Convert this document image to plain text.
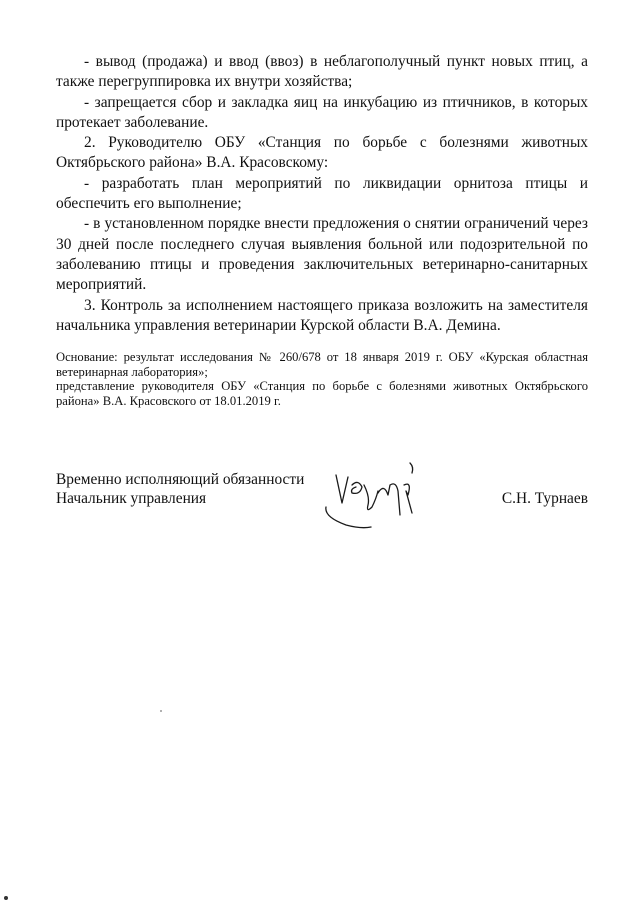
- вывод (продажа) и ввод (ввоз) в неблагополучный пункт новых птиц, а также перегруппировка их внутри хозяйства;

- запрещается сбор и закладка яиц на инкубацию из птичников, в которых протекает заболевание.

2. Руководителю ОБУ «Станция по борьбе с болезнями животных Октябрьского района» В.А. Красовскому:

- разработать план мероприятий по ликвидации орнитоза птицы и обеспечить его выполнение;

- в установленном порядке внести предложения о снятии ограничений через 30 дней после последнего случая выявления больной или подозрительной по заболеванию птицы и проведения заключительных ветеринарно-санитарных мероприятий.

3. Контроль за исполнением настоящего приказа возложить на заместителя начальника управления ветеринарии Курской области В.А. Демина.

Основание: результат исследования № 260/678 от 18 января 2019 г. ОБУ «Курская областная ветеринарная лаборатория»;

представление руководителя ОБУ «Станция по борьбе с болезнями животных Октябрьского района» В.А. Красовского от 18.01.2019 г.

Временно исполняющий обязанности
Начальник управления	С.Н. Турнаев
